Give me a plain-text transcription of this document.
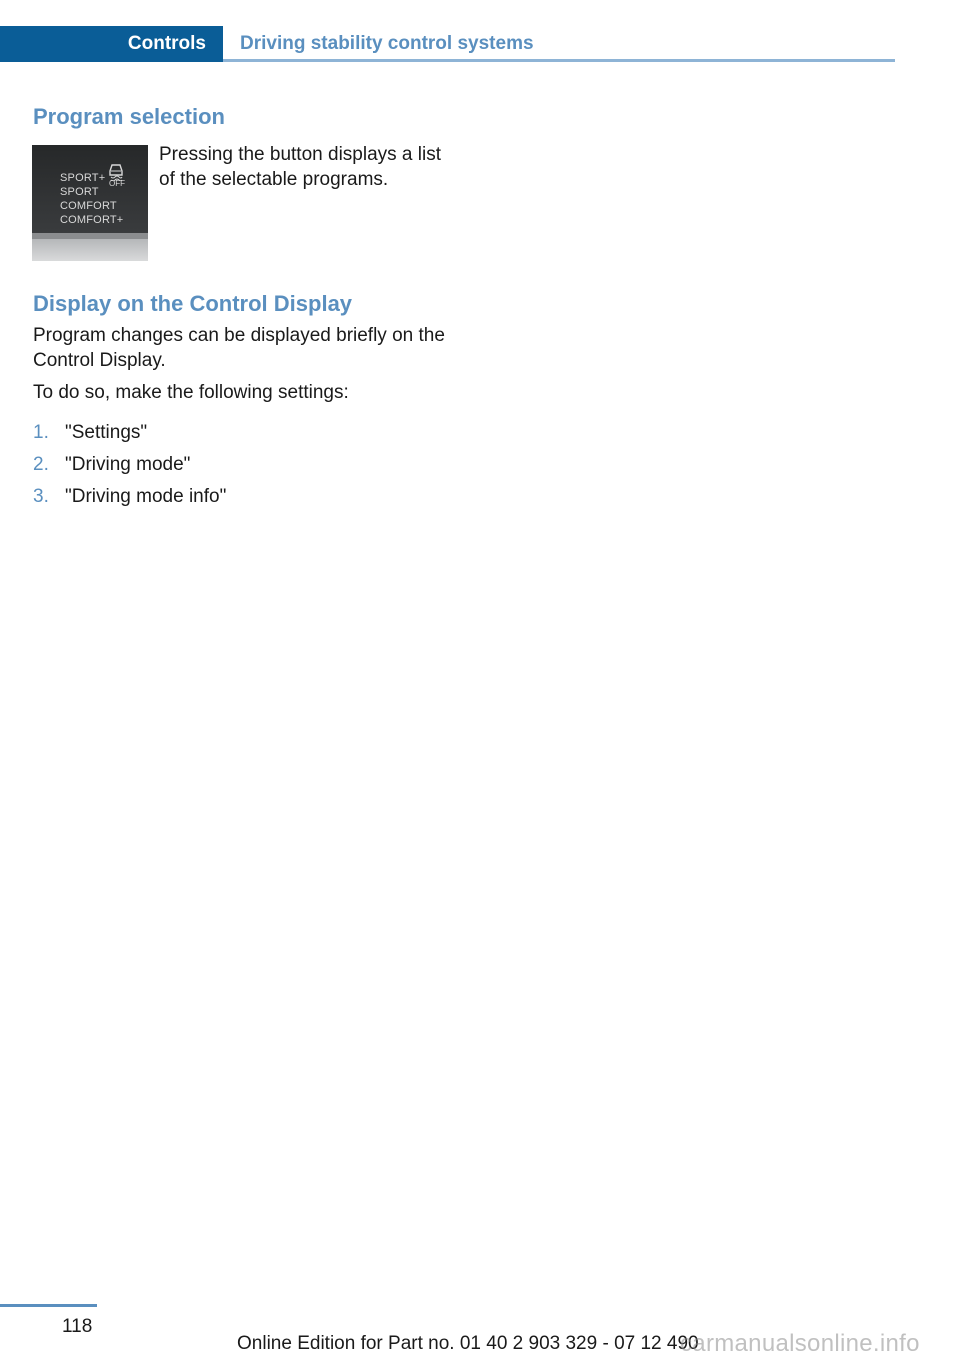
Controls	Driving stability control systems
Program selection
SPORT+
SPORT
COMFORT
COMFORT+
OFF

Pressing the button displays a list of the selectable programs.

Display on the Control Display

Program changes can be displayed briefly on the Control Display.

To do so, make the following settings:

1. "Settings"
2. "Driving mode"
3. "Driving mode info"
118
Online Edition for Part no. 01 40 2 903 329 - 07 12 490
carmanualsonline.info
